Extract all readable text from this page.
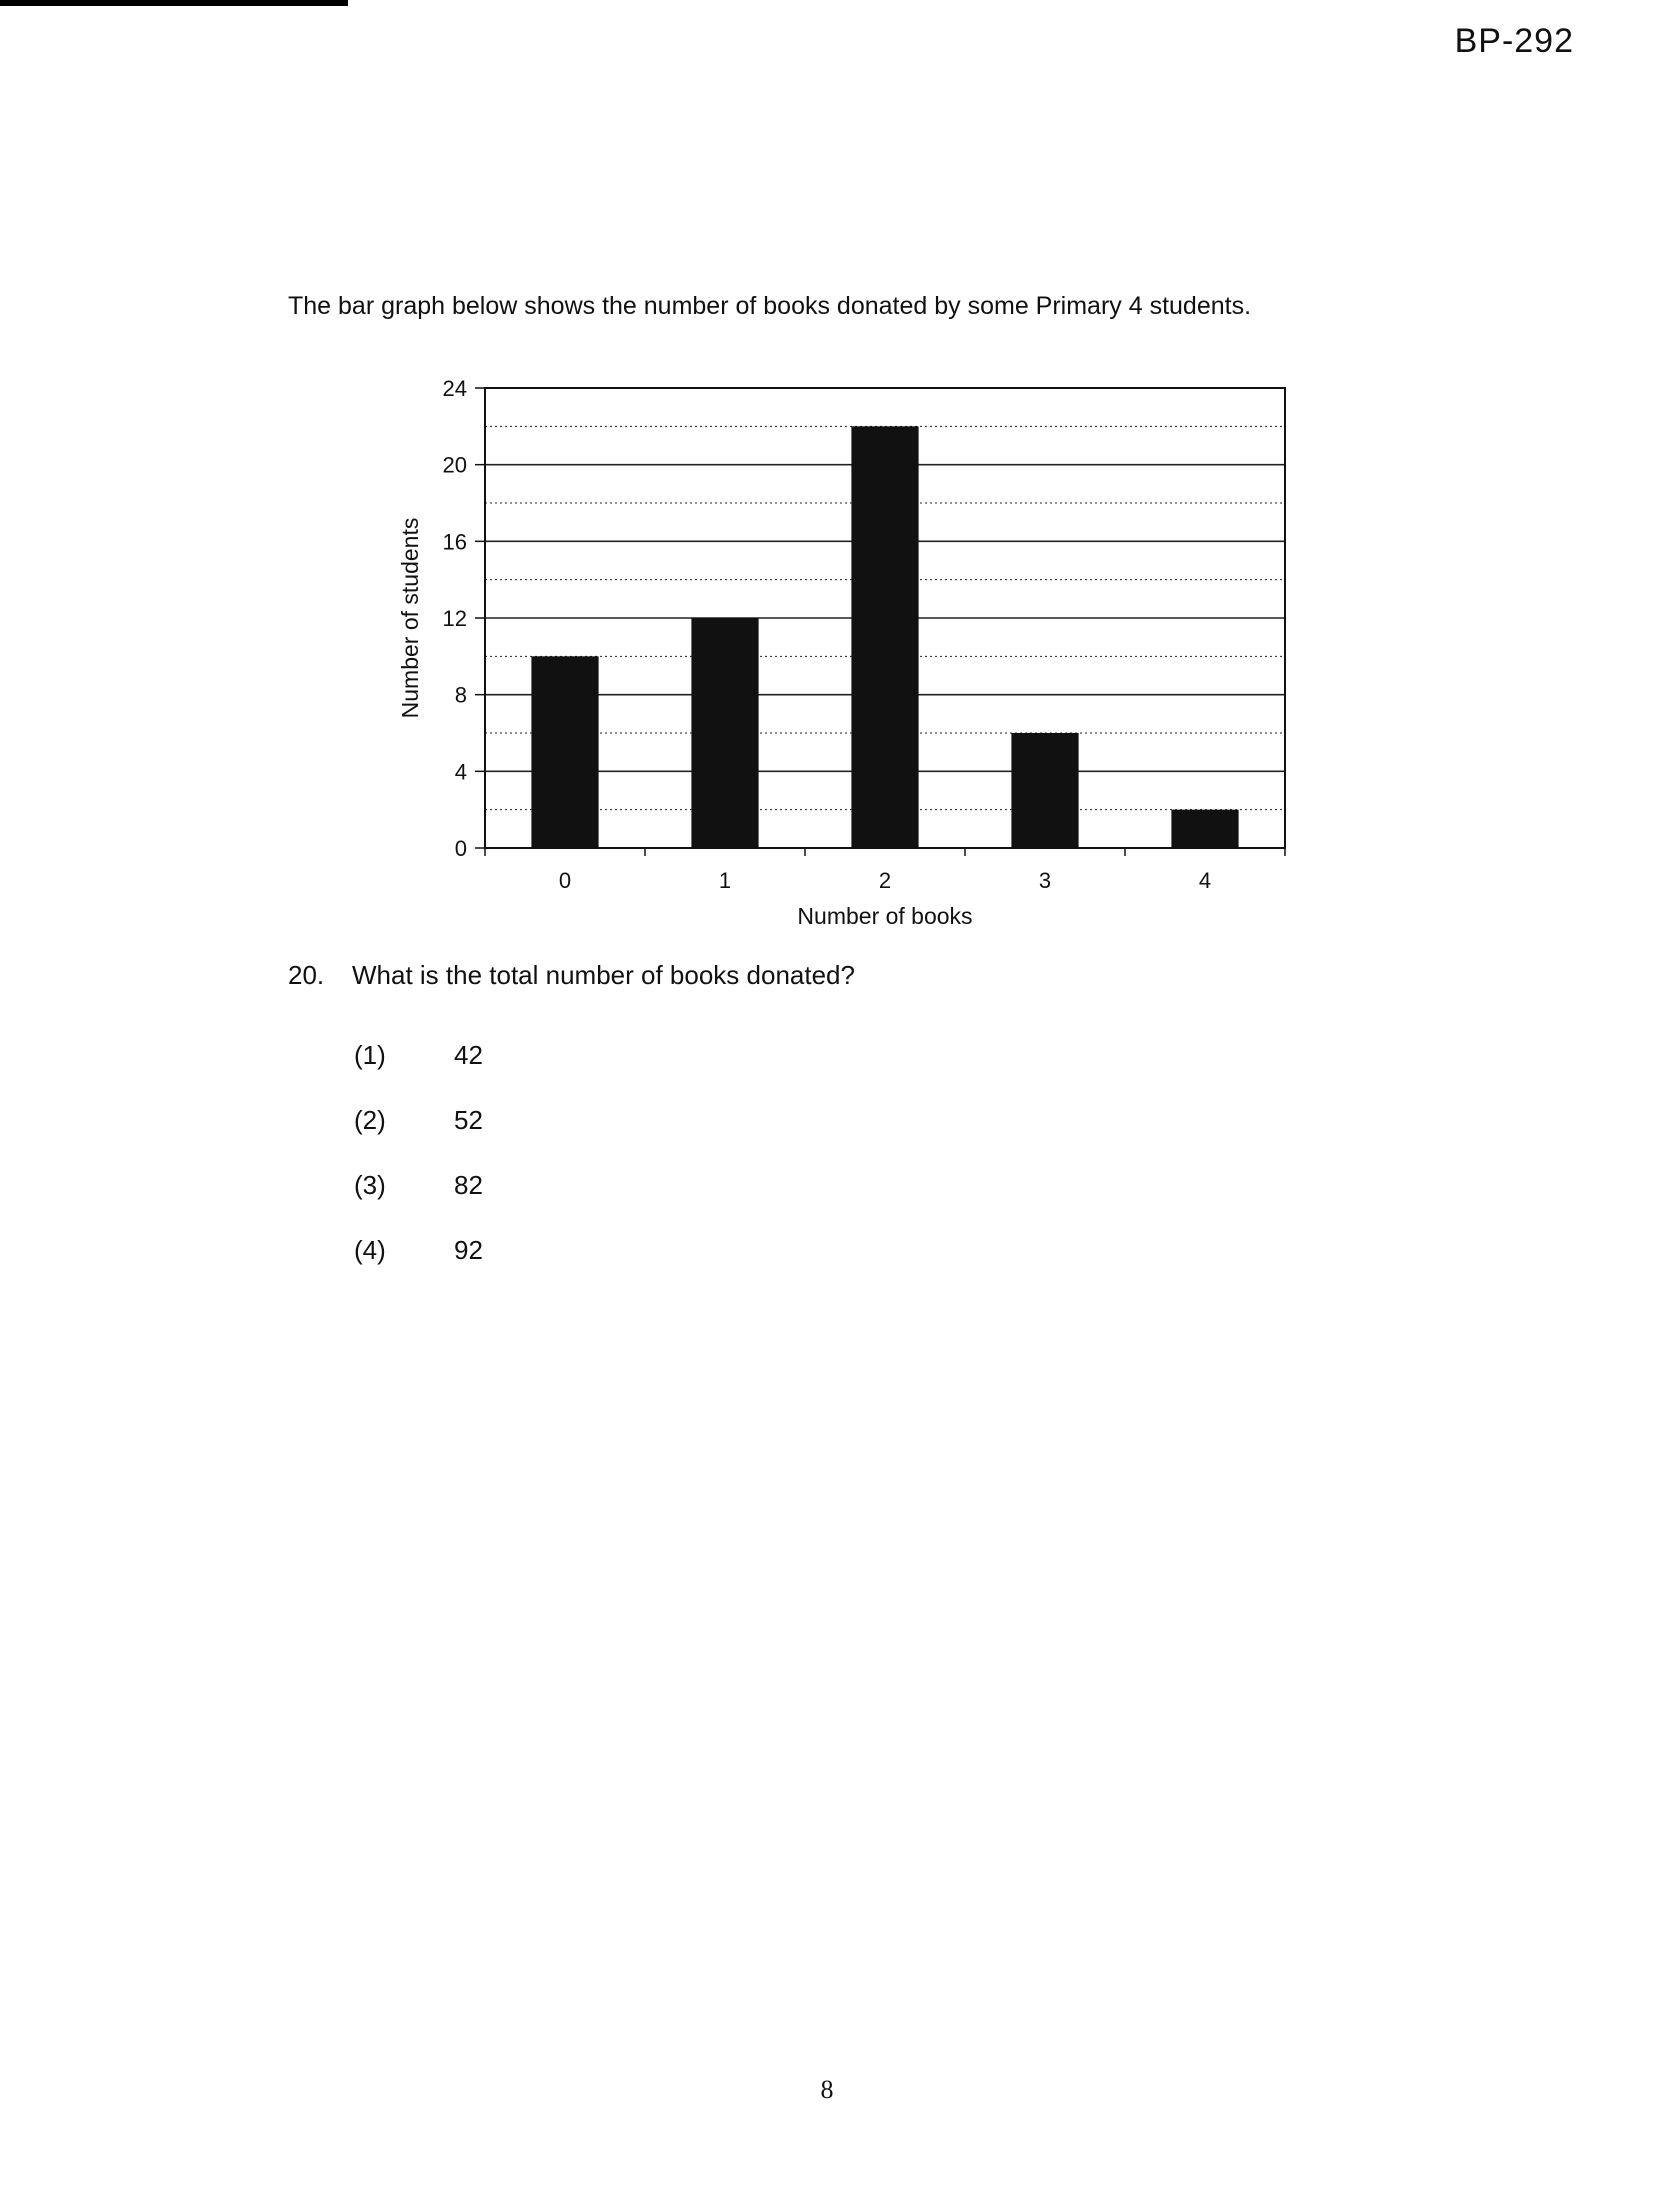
BP-292
The bar graph below shows the number of books donated by some Primary 4 students.
0
4
8
12
16
20
24
0	1	2	3	4
Number of students
Number of books
20. What is the total number of books donated?
(1)	42
(2)	52
(3)	82
(4)	92
8
